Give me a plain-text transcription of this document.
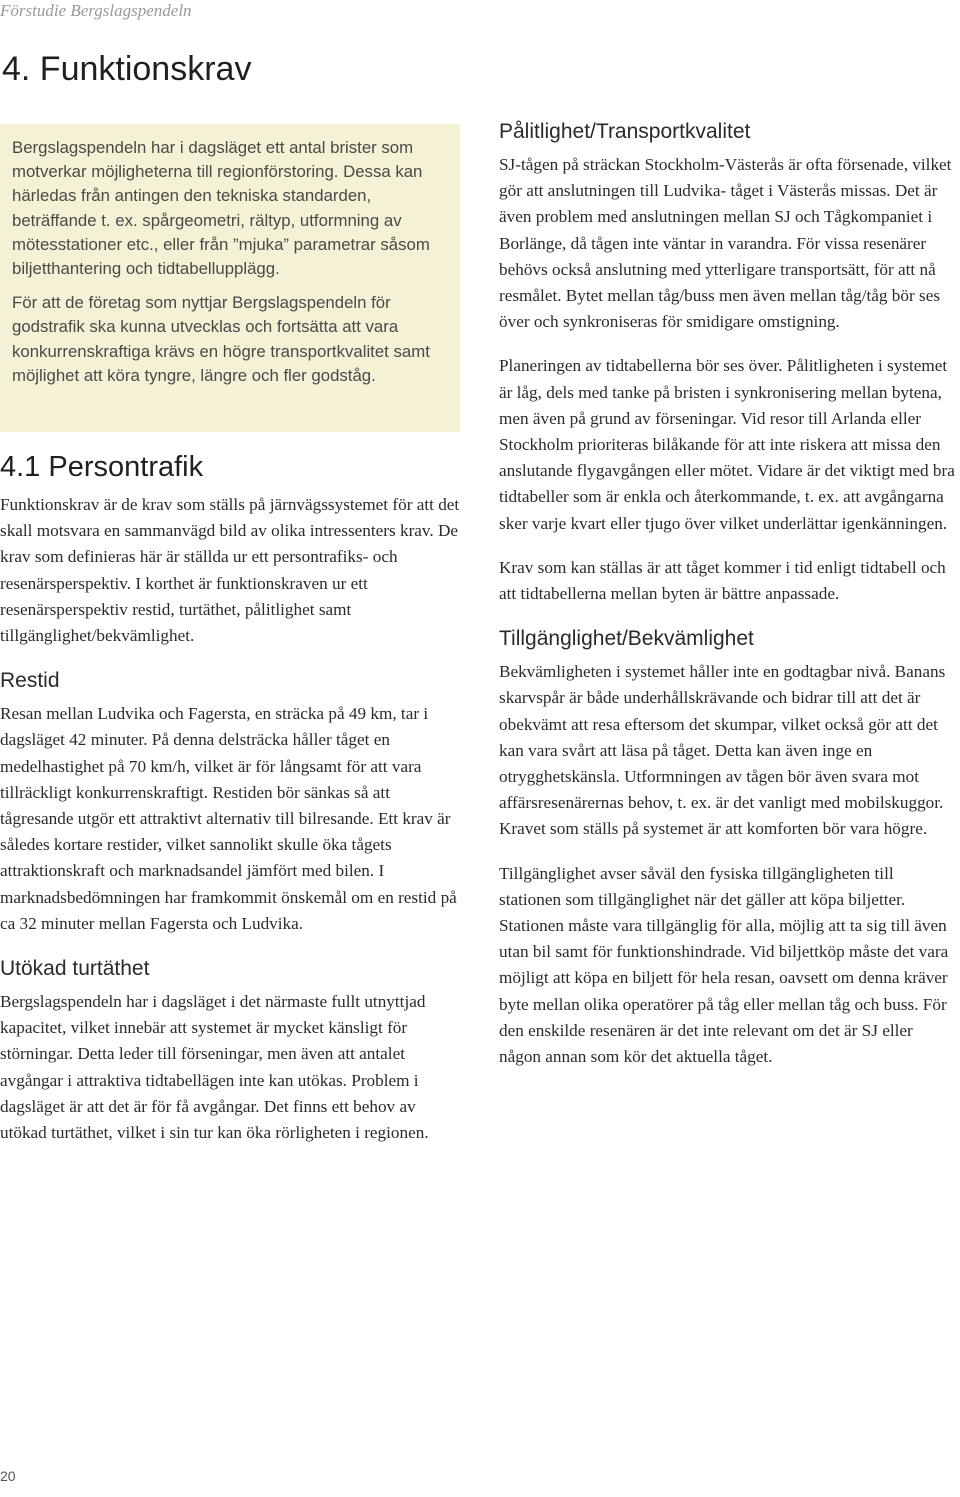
Förstudie Bergslagspendeln
4. Funktionskrav

Bergslagspendeln har i dagsläget ett antal brister som motverkar möjligheterna till regionförstoring. Dessa kan härledas från antingen den tekniska standarden, beträffande t. ex. spårgeometri, rältyp, utformning av mötesstationer etc., eller från ”mjuka” parametrar såsom biljetthantering och tidtabellupplägg.

För att de företag som nyttjar Bergslagspendeln för godstrafik ska kunna utvecklas och fortsätta att vara konkurrenskraftiga krävs en högre transportkvalitet samt möjlighet att köra tyngre, längre och fler godståg.

4.1 Persontrafik

Funktionskrav är de krav som ställs på järnvägssystemet för att det skall motsvara en sammanvägd bild av olika intressenters krav. De krav som definieras här är ställda ur ett persontrafiks- och resenärsperspektiv. I korthet är funktionskraven ur ett resenärsperspektiv restid, turtäthet, pålitlighet samt tillgänglighet/bekvämlighet.

Restid

Resan mellan Ludvika och Fagersta, en sträcka på 49 km, tar i dagsläget 42 minuter. På denna delsträcka håller tåget en medelhastighet på 70 km/h, vilket är för långsamt för att vara tillräckligt konkurrenskraftigt. Restiden bör sänkas så att tågresande utgör ett attraktivt alternativ till bilresande. Ett krav är således kortare restider, vilket sannolikt skulle öka tågets attraktionskraft och marknadsandel jämfört med bilen. I marknadsbedömningen har framkommit önskemål om en restid på ca 32 minuter mellan Fagersta och Ludvika.

Utökad turtäthet

Bergslagspendeln har i dagsläget i det närmaste fullt utnyttjad kapacitet, vilket innebär att systemet är mycket känsligt för störningar. Detta leder till förseningar, men även att antalet avgångar i attraktiva tidtabellägen inte kan utökas. Problem i dagsläget är att det är för få avgångar. Det finns ett behov av utökad turtäthet, vilket i sin tur kan öka rörligheten i regionen.

Pålitlighet/Transportkvalitet

SJ-tågen på sträckan Stockholm-Västerås är ofta försenade, vilket gör att anslutningen till Ludvika- tåget i Västerås missas. Det är även problem med anslutningen mellan SJ och Tågkompaniet i Borlänge, då tågen inte väntar in varandra. För vissa resenärer behövs också anslutning med ytterligare transportsätt, för att nå resmålet. Bytet mellan tåg/buss men även mellan tåg/tåg bör ses över och synkroniseras för smidigare omstigning.

Planeringen av tidtabellerna bör ses över. Pålitligheten i systemet är låg, dels med tanke på bristen i synkronisering mellan bytena, men även på grund av förseningar. Vid resor till Arlanda eller Stockholm prioriteras bilåkande för att inte riskera att missa den anslutande flygavgången eller mötet. Vidare är det viktigt med bra tidtabeller som är enkla och återkommande, t. ex. att avgångarna sker varje kvart eller tjugo över vilket underlättar igenkänningen.

Krav som kan ställas är att tåget kommer i tid enligt tidtabell och att tidtabellerna mellan byten är bättre anpassade.

Tillgänglighet/Bekvämlighet

Bekvämligheten i systemet håller inte en godtagbar nivå. Banans skarvspår är både underhållskrävande och bidrar till att det är obekvämt att resa eftersom det skumpar, vilket också gör att det kan vara svårt att läsa på tåget. Detta kan även inge en otrygghetskänsla. Utformningen av tågen bör även svara mot affärsresenärernas behov, t. ex. är det vanligt med mobilskuggor. Kravet som ställs på systemet är att komforten bör vara högre.

Tillgänglighet avser såväl den fysiska tillgängligheten till stationen som tillgänglighet när det gäller att köpa biljetter. Stationen måste vara tillgänglig för alla, möjlig att ta sig till även utan bil samt för funktionshindrade. Vid biljettköp måste det vara möjligt att köpa en biljett för hela resan, oavsett om denna kräver byte mellan olika operatörer på tåg eller mellan tåg och buss. För den enskilde resenären är det inte relevant om det är SJ eller någon annan som kör det aktuella tåget.

20
